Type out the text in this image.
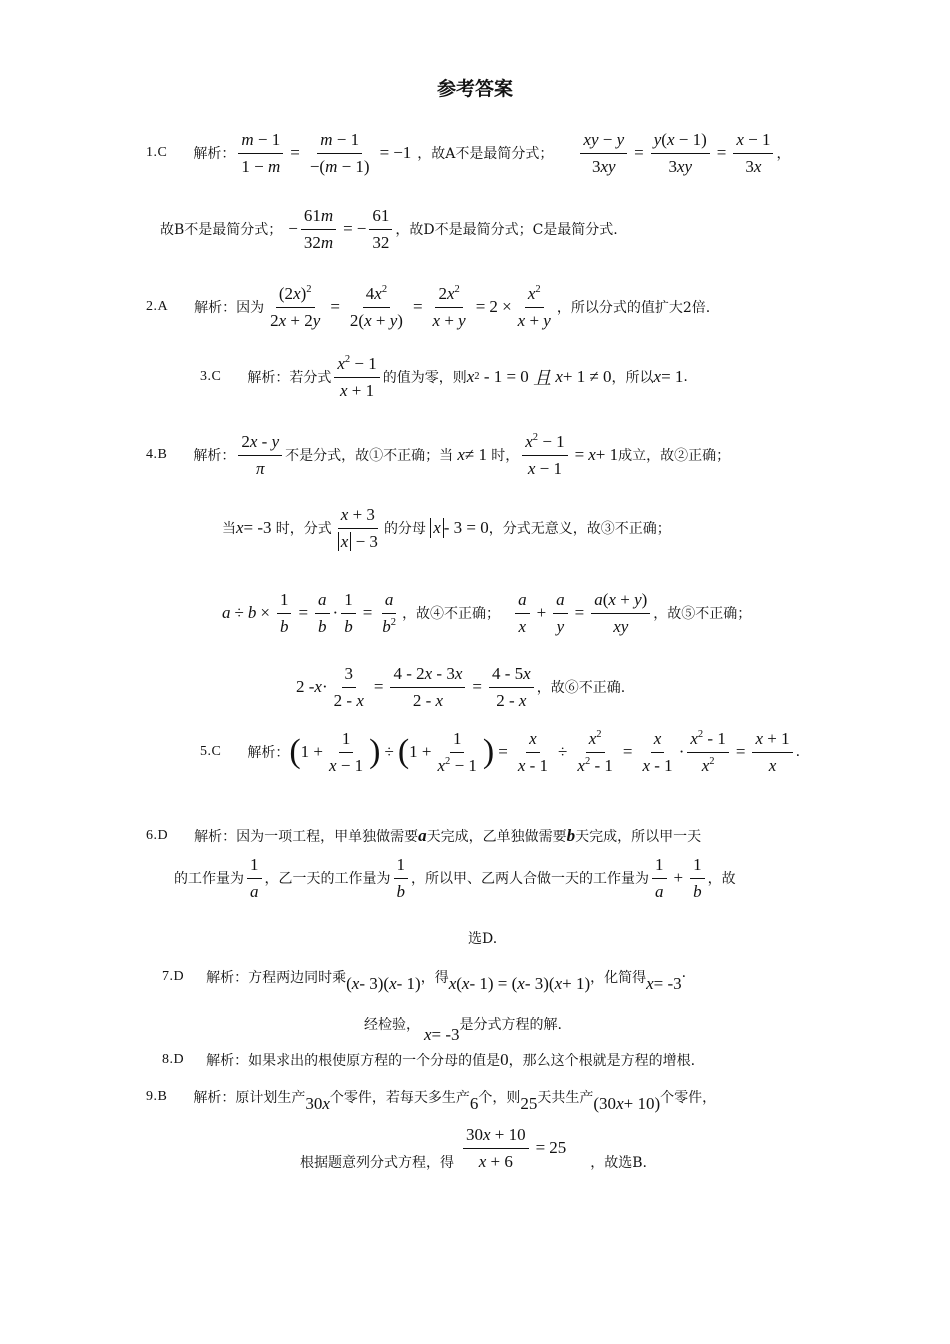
参考答案
1.C 解析： $\frac{m - 1}{1 - m} = \frac{m - 1}{-(m - 1)} = -1$ ，故A不是最简分式； $\frac{xy - y}{3xy} = \frac{y(x - 1)}{3xy} = \frac{x - 1}{3x}$ ，
故B不是最简分式； − $\frac{61m}{32m}$ = − $\frac{61}{32}$ ，故D不是最简分式；C是最简分式.
2.A 解析：因为 $\frac{(2x)^2}{2x + 2y} = \frac{4x^2}{2(x + y)} = \frac{2x^2}{x + y} = 2 \times \frac{x^2}{x + y}$ ，所以分式的值扩大2倍.
3.C 解析：若分式 $\frac{x^2 - 1}{x + 1}$ 的值为零，则 x 2 - 1 = 0 且
x + 1 ≠ 0 ，所以 x = 1 .
4.B 解析： $\frac{2x - y}{\pi}$ 不是分式，故①不正确；当
x ≠ 1 时， $\frac{x^2 - 1}{x - 1} = x + 1$ 成立，故②正确；
当 x = -3 时，分式 $\frac{x + 3}{x - 3}$ 的分母
x - 3 = 0 ，分式无意义，故③不正确；
$a \div b \times \frac{1}{b} = \frac{a}{b} \cdot \frac{1}{b} = \frac{a}{b^2}$ ，故④不正确； $\frac{a}{x} + \frac{a}{y} = \frac{a(x + y)}{xy}$ ，故⑤不正确；
$2 - x \cdot \frac{3}{2 - x} = \frac{4 - 2x - 3x}{2 - x} = \frac{4 - 5x}{2 - x}$ ，故⑥不正确.
5.C 解析： ( $1 + \frac{1}{x - 1}$ ) ÷ ( $1 + \frac{1}{x^2 - 1}$ ) = $\frac{x}{x - 1} \div \frac{x^2}{x^2 - 1} = \frac{x}{x - 1} \cdot \frac{x^2 - 1}{x^2} = \frac{x + 1}{x}$ .
6.D 解析：因为一项工程，甲单独做需要 a 天完成，乙单独做需要 b 天完成，所以甲一天
的工作量为 $\frac{1}{a}$ ，乙一天的工作量为 $\frac{1}{b}$ ，所以甲、乙两人合做一天的工作量为 $\frac{1}{a} + \frac{1}{b}$ ，故
选D.
7.D 解析：方程两边同时乘 ( x - 3)( x - 1) ，得 x ( x - 1) = ( x - 3)( x + 1) ，化简得 x = -3 ·
经检验， x = -3 是分式方程的解.
8.D 解析：如果求出的根使原方程的一个分母的值是 0 ，那么这个根就是方程的增根.
9.B 解析：原计划生产 30 x 个零件，若每天多生产 6 个，则 25 天共生产 (30 x + 10) 个零件，
根据题意列分式方程，得 $\frac{30x + 10}{x + 6} = 25$
，故选B.
